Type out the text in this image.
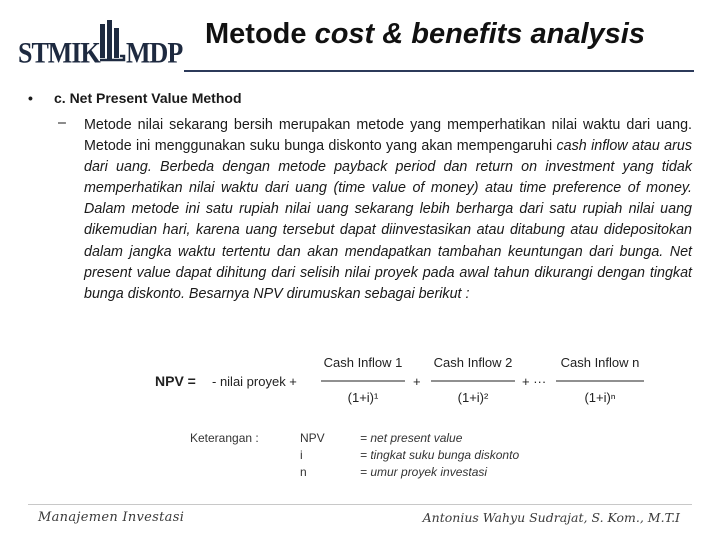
STMIK MDP
Metode cost & benefits analysis
• c. Net Present Value Method
– Metode nilai sekarang bersih merupakan metode yang memperhatikan nilai waktu dari uang. Metode ini menggunakan suku bunga diskonto yang akan mempengaruhi cash inflow atau arus dari uang. Berbeda dengan metode payback period dan return on investment yang tidak memperhatikan nilai waktu dari uang (time value of money) atau time preference of money. Dalam metode ini satu rupiah nilai uang sekarang lebih berharga dari satu rupiah nilai uang dikemudian hari, karena uang tersebut dapat diinvestasikan atau ditabung atau didepositokan dalam jangka waktu tertentu dan akan mendapatkan tambahan keuntungan dari bunga. Net present value dapat dihitung dari selisih nilai proyek pada awal tahun dikurangi dengan tingkat bunga diskonto. Besarnya NPV dirumuskan sebagai berikut :
NPV = - nilai proyek +
Cash Inflow 1
(1+i)¹
+
Cash Inflow 2
(1+i)²
+ ···
Cash Inflow n
(1+i)ⁿ
Keterangan :	NPV	= net present value
i	= tingkat suku bunga diskonto
n	= umur proyek investasi
Manajemen Investasi	Antonius Wahyu Sudrajat, S. Kom., M.T.I
